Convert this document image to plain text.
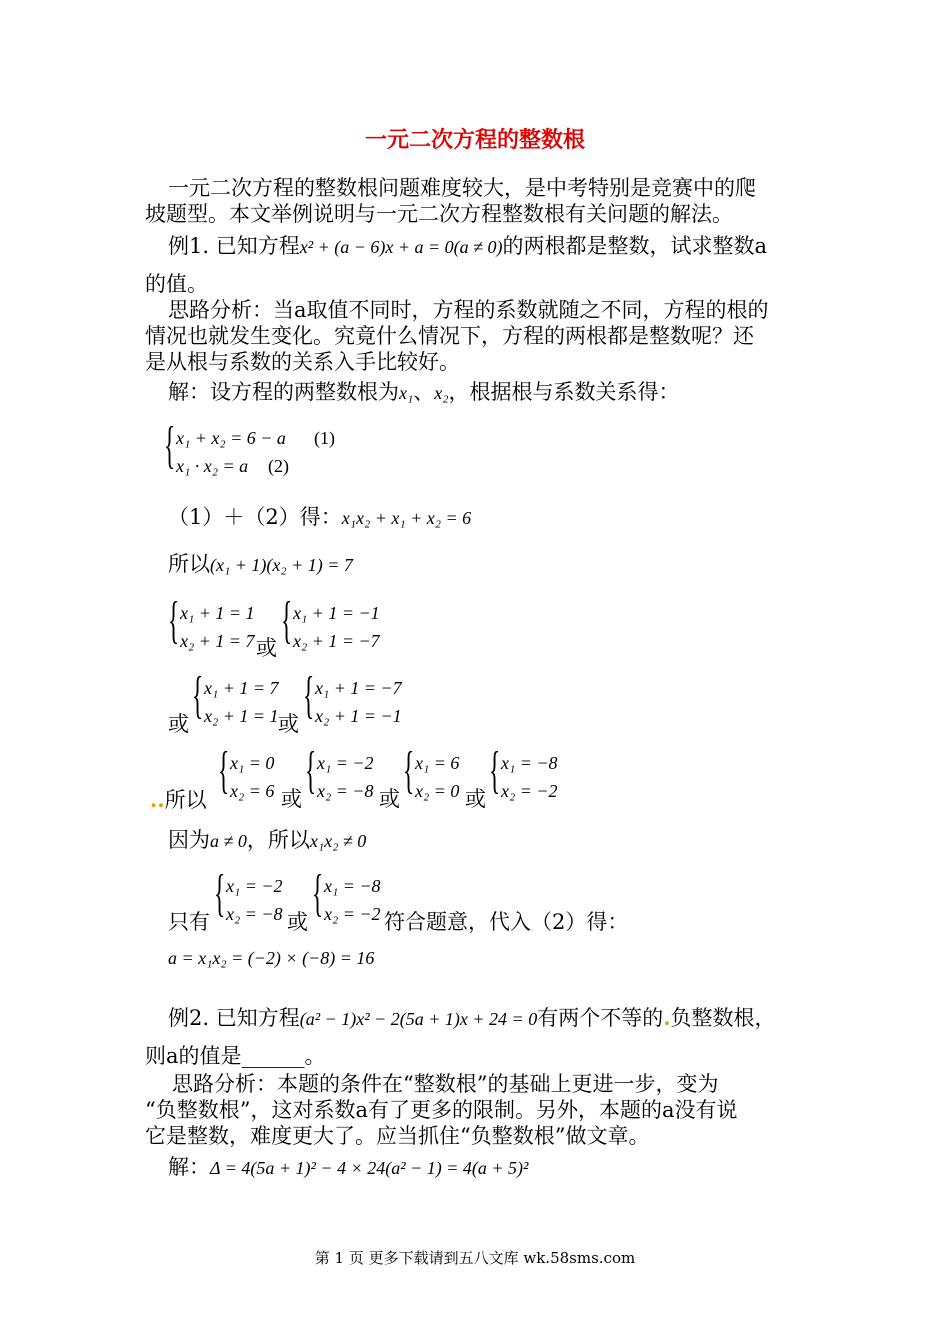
一元二次方程的整数根
一元二次方程的整数根问题难度较大，是中考特别是竞赛中的爬
坡题型。本文举例说明与一元二次方程整数根有关问题的解法。
例1. 已知方程x² + (a − 6)x + a = 0(a ≠ 0)的两根都是整数，试求整数a
的值。
思路分析：当a取值不同时，方程的系数就随之不同，方程的根的
情况也就发生变化。究竟什么情况下，方程的两根都是整数呢？还
是从根与系数的关系入手比较好。
解：设方程的两整数根为x₁、x₂，根据根与系数关系得：
{ x₁ + x₂ = 6 − a (1)
x₁ · x₂ = a (2)
（1）＋（2）得：x₁x₂ + x₁ + x₂ = 6
所以(x₁ + 1)(x₂ + 1) = 7
{ x₁ + 1 = 1
x₂ + 1 = 7 或 { x₁ + 1 = −1
x₂ + 1 = −7
或 { x₁ + 1 = 7
x₂ + 1 = 1 或 { x₁ + 1 = −7
x₂ + 1 = −1
..所以
{ x₁ = 0
x₂ = 6 或 { x₁ = −2
x₂ = −8 或 { x₁ = 6
x₂ = 0 或 { x₁ = −8
x₂ = −2
因为a ≠ 0，所以x₁x₂ ≠ 0
只有 { x₁ = −2
x₂ = −8 或 { x₁ = −8
x₂ = −2 符合题意，代入（2）得：
a = x₁x₂ = (−2) × (−8) = 16
例2. 已知方程(a² − 1)x² − 2(5a + 1)x + 24 = 0有两个不等的.负整数根，
则a的值是______。
思路分析：本题的条件在“整数根”的基础上更进一步，变为
“负整数根”，这对系数a有了更多的限制。另外，本题的a没有说
它是整数，难度更大了。应当抓住“负整数根”做文章。
解：Δ = 4(5a + 1)² − 4 × 24(a² − 1) = 4(a + 5)²
第 1 页 更多下载请到五八文库 wk.58sms.com
